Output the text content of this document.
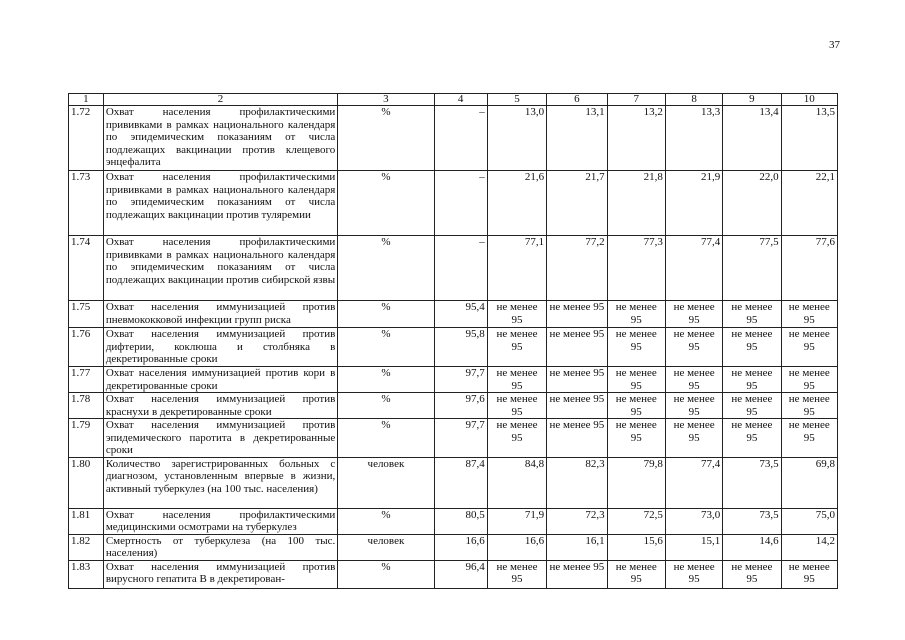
37
1	2	3	4	5	6	7	8	9	10
1.72	Охват населения профилактическими прививками в рамках национального календаря по эпидемическим показаниям от числа подлежащих вакцинации против клещевого энцефалита	%	–	13,0	13,1	13,2	13,3	13,4	13,5
1.73	Охват населения профилактическими прививками в рамках национального календаря по эпидемическим показаниям от числа подлежащих вакцинации против туляремии	%	–	21,6	21,7	21,8	21,9	22,0	22,1
1.74	Охват населения профилактическими прививками в рамках национального календаря по эпидемическим показаниям от числа подлежащих вакцинации против сибирской язвы	%	–	77,1	77,2	77,3	77,4	77,5	77,6
1.75	Охват населения иммунизацией против пневмококковой инфекции групп риска	%	95,4	не менее 95	не менее 95	не менее 95	не менее 95	не менее 95	не менее 95
1.76	Охват населения иммунизацией против дифтерии, коклюша и столбняка в декретированные сроки	%	95,8	не менее 95	не менее 95	не менее 95	не менее 95	не менее 95	не менее 95
1.77	Охват населения иммунизацией против кори в декретированные сроки	%	97,7	не менее 95	не менее 95	не менее 95	не менее 95	не менее 95	не менее 95
1.78	Охват населения иммунизацией против краснухи в декретированные сроки	%	97,6	не менее 95	не менее 95	не менее 95	не менее 95	не менее 95	не менее 95
1.79	Охват населения иммунизацией против эпидемического паротита в декретированные сроки	%	97,7	не менее 95	не менее 95	не менее 95	не менее 95	не менее 95	не менее 95
1.80	Количество зарегистрированных больных с диагнозом, установленным впервые в жизни, активный туберкулез (на 100 тыс. населения)	человек	87,4	84,8	82,3	79,8	77,4	73,5	69,8
1.81	Охват населения профилактическими медицинскими осмотрами на туберкулез	%	80,5	71,9	72,3	72,5	73,0	73,5	75,0
1.82	Смертность от туберкулеза (на 100 тыс. населения)	человек	16,6	16,6	16,1	15,6	15,1	14,6	14,2
1.83	Охват населения иммунизацией против вирусного гепатита В в декретирован-	%	96,4	не менее 95	не менее 95	не менее 95	не менее 95	не менее 95	не менее 95
